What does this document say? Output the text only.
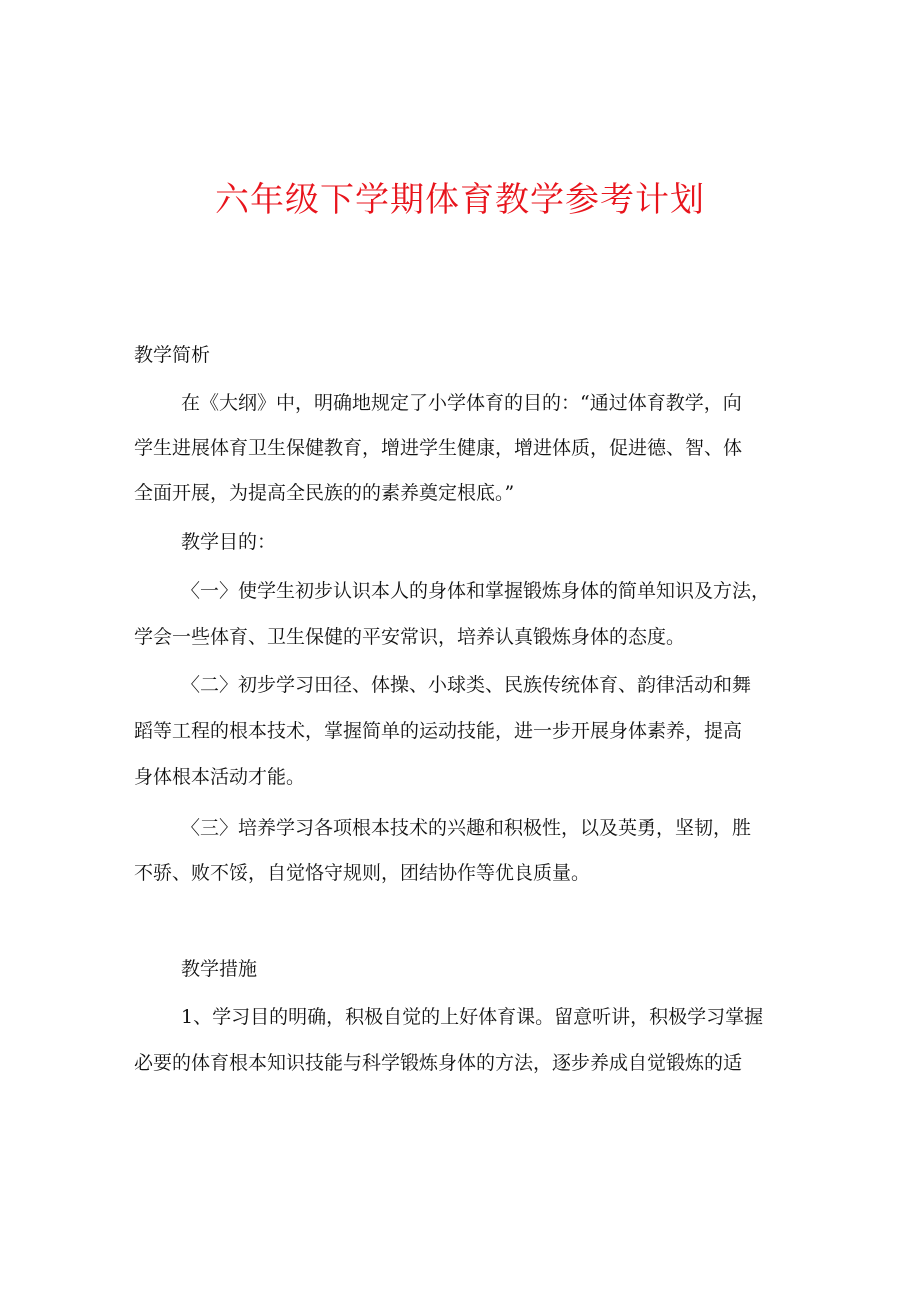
六年级下学期体育教学参考计划

教学简析

在《大纲》中，明确地规定了小学体育的目的：“通过体育教学，向

学生进展体育卫生保健教育，增进学生健康，增进体质，促进德、智、体

全面开展，为提高全民族的的素养奠定根底。”

教学目的：

〈一〉使学生初步认识本人的身体和掌握锻炼身体的简单知识及方法，

学会一些体育、卫生保健的平安常识，培养认真锻炼身体的态度。

〈二〉初步学习田径、体操、小球类、民族传统体育、韵律活动和舞

蹈等工程的根本技术，掌握简单的运动技能，进一步开展身体素养，提高

身体根本活动才能。

〈三〉培养学习各项根本技术的兴趣和积极性，以及英勇，坚韧，胜

不骄、败不馁，自觉恪守规则，团结协作等优良质量。

教学措施

1、学习目的明确，积极自觉的上好体育课。留意听讲，积极学习掌握

必要的体育根本知识技能与科学锻炼身体的方法，逐步养成自觉锻炼的适
